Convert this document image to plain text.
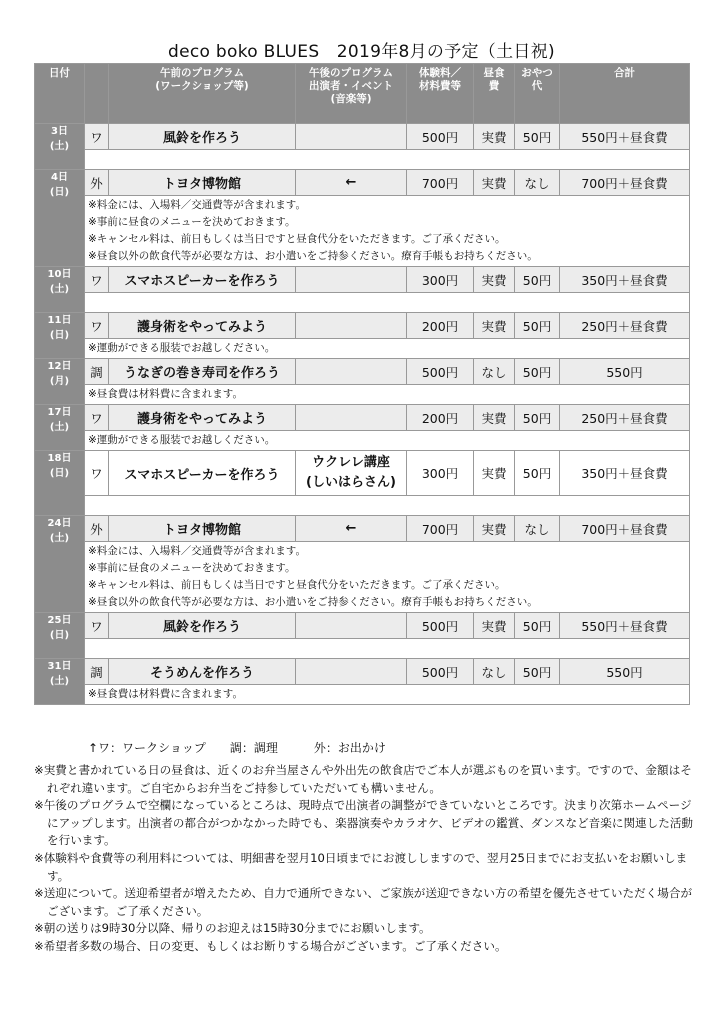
deco boko BLUES　2019年8月の予定（土日祝)
日付		午前のプログラム
(ワークショップ等)	午後のプログラム
出演者・イベント
(音楽等)	体験料／
材料費等	昼食
費	おやつ
代	合計
3日
(土)	ワ	風鈴を作ろう		500円	実費	50円	550円＋昼食費

4日
(日)	外	トヨタ博物館	←	700円	実費	なし	700円＋昼食費

	※料金には、入場料／交通費等が含まれます。
※事前に昼食のメニューを決めておきます。
※キャンセル料は、前日もしくは当日ですと昼食代分をいただきます。ご了承ください。
※昼食以外の飲食代等が必要な方は、お小遣いをご持参ください。療育手帳もお持ちください。						

10日
(土)	ワ	スマホスピーカーを作ろう		300円	実費	50円	350円＋昼食費

11日
(日)	ワ	護身術をやってみよう		200円	実費	50円	250円＋昼食費

	※運動ができる服装でお越しください。						

12日
(月)	調	うなぎの巻き寿司を作ろう		500円	なし	50円	550円

	※昼食費は材料費に含まれます。						

17日
(土)	ワ	護身術をやってみよう		200円	実費	50円	250円＋昼食費

	※運動ができる服装でお越しください。						

18日
(日)	ワ	スマホスピーカーを作ろう	ウクレレ講座
(しいはらさん)	300円	実費	50円	350円＋昼食費

24日
(土)	外	トヨタ博物館	←	700円	実費	なし	700円＋昼食費

	※料金には、入場料／交通費等が含まれます。
※事前に昼食のメニューを決めておきます。
※キャンセル料は、前日もしくは当日ですと昼食代分をいただきます。ご了承ください。
※昼食以外の飲食代等が必要な方は、お小遣いをご持参ください。療育手帳もお持ちください。						

25日
(日)	ワ	風鈴を作ろう		500円	実費	50円	550円＋昼食費

31日
(土)	調	そうめんを作ろう		500円	なし	50円	550円

	※昼食費は材料費に含まれます。						
↑ワ：ワークショップ　　調：調理　　　外：お出かけ

※実費と書かれている日の昼食は、近くのお弁当屋さんや外出先の飲食店でご本人が選ぶものを買います。ですので、金額はそれぞれ違います。ご自宅からお弁当をご持参していただいても構いません。

※午後のプログラムで空欄になっているところは、現時点で出演者の調整ができていないところです。決まり次第ホームページにアップします。出演者の都合がつかなかった時でも、楽器演奏やカラオケ、ビデオの鑑賞、ダンスなど音楽に関連した活動を行います。

※体験料や食費等の利用料については、明細書を翌月10日頃までにお渡ししますので、翌月25日までにお支払いをお願いします。

※送迎について。送迎希望者が増えたため、自力で通所できない、ご家族が送迎できない方の希望を優先させていただく場合がございます。ご了承ください。

※朝の送りは9時30分以降、帰りのお迎えは15時30分までにお願いします。

※希望者多数の場合、日の変更、もしくはお断りする場合がございます。ご了承ください。
